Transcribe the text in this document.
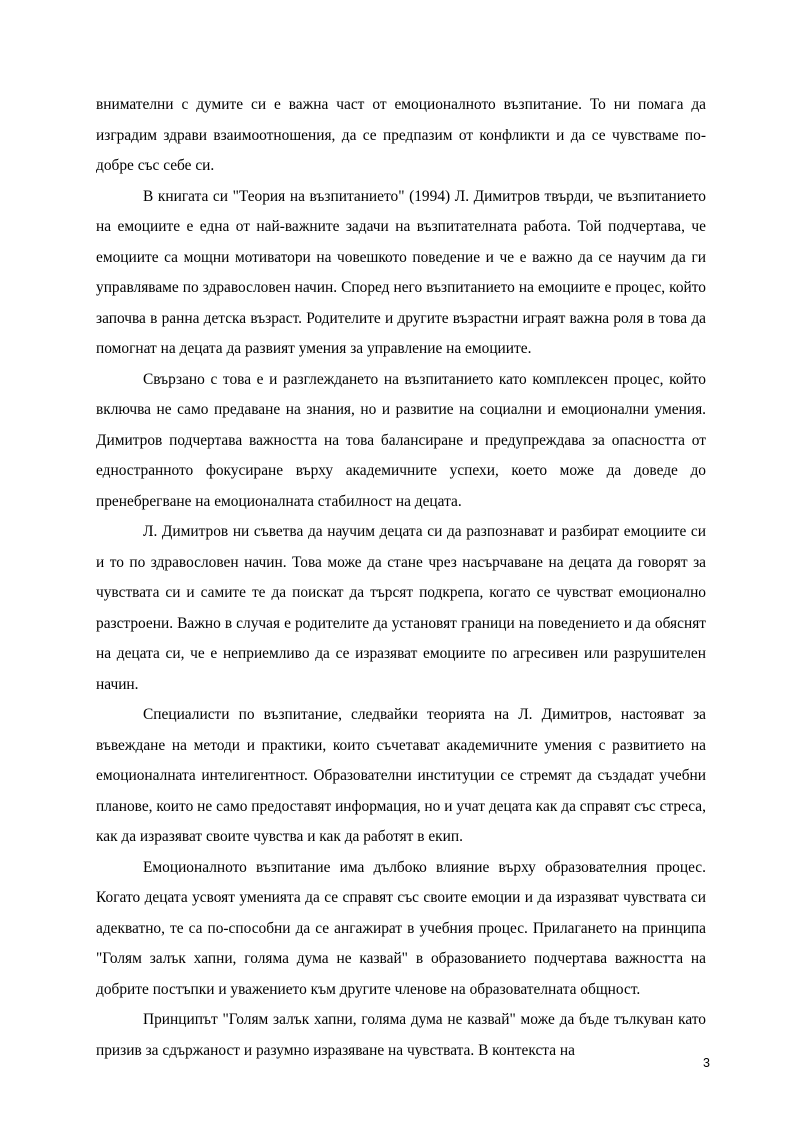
внимателни с думите си е важна част от емоционалното възпитание. То ни помага да изградим здрави взаимоотношения, да се предпазим от конфликти и да се чувстваме по-добре със себе си.

В книгата си "Теория на възпитанието" (1994) Л. Димитров твърди, че възпитанието на емоциите е една от най-важните задачи на възпитателната работа. Той подчертава, че емоциите са мощни мотиватори на човешкото поведение и че е важно да се научим да ги управляваме по здравословен начин. Според него възпитанието на емоциите е процес, който започва в ранна детска възраст. Родителите и другите възрастни играят важна роля в това да помогнат на децата да развият умения за управление на емоциите.

Свързано с това е и разглеждането на възпитанието като комплексен процес, който включва не само предаване на знания, но и развитие на социални и емоционални умения. Димитров подчертава важността на това балансиране и предупреждава за опасността от едностранното фокусиране върху академичните успехи, което може да доведе до пренебрегване на емоционалната стабилност на децата.

Л. Димитров ни съветва да научим децата си да разпознават и разбират емоциите си и то по здравословен начин. Това може да стане чрез насърчаване на децата да говорят за чувствата си и самите те да поискат да търсят подкрепа, когато се чувстват емоционално разстроени. Важно в случая е родителите да установят граници на поведението и да обяснят на децата си, че е неприемливо да се изразяват емоциите по агресивен или разрушителен начин.

Специалисти по възпитание, следвайки теорията на Л. Димитров, настояват за въвеждане на методи и практики, които съчетават академичните умения с развитието на емоционалната интелигентност. Образователни институции се стремят да създадат учебни планове, които не само предоставят информация, но и учат децата как да справят със стреса, как да изразяват своите чувства и как да работят в екип.

Емоционалното възпитание има дълбоко влияние върху образователния процес. Когато децата усвоят уменията да се справят със своите емоции и да изразяват чувствата си адекватно, те са по-способни да се ангажират в учебния процес. Прилагането на принципа "Голям залък хапни, голяма дума не казвай" в образованието подчертава важността на добрите постъпки и уважението към другите членове на образователната общност.

Принципът "Голям залък хапни, голяма дума не казвай" може да бъде тълкуван като призив за сдържаност и разумно изразяване на чувствата. В контекста на

3
